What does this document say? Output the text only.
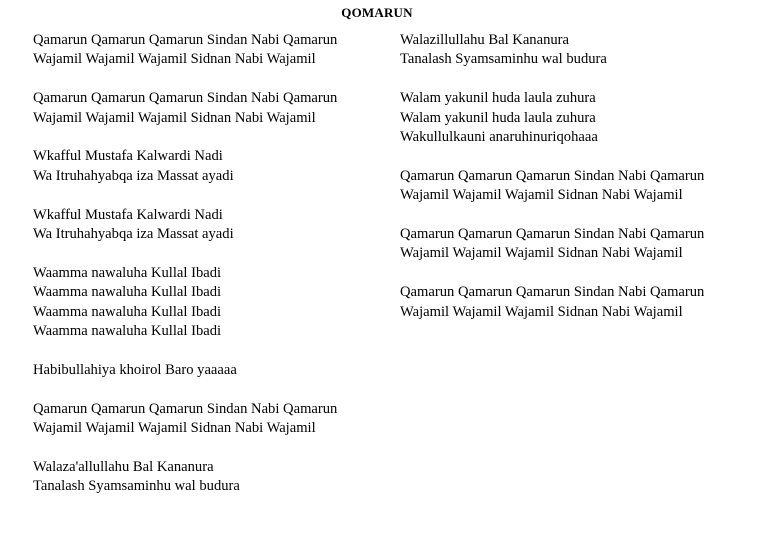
QOMARUN
Qamarun Qamarun Qamarun Sindan Nabi Qamarun
Wajamil Wajamil Wajamil Sidnan Nabi Wajamil
Qamarun Qamarun Qamarun Sindan Nabi Qamarun
Wajamil Wajamil Wajamil Sidnan Nabi Wajamil
Wkafful Mustafa Kalwardi Nadi
Wa Itruhahyabqa iza Massat ayadi
Wkafful Mustafa Kalwardi Nadi
Wa Itruhahyabqa iza Massat ayadi
Waamma nawaluha Kullal Ibadi
Waamma nawaluha Kullal Ibadi
Waamma nawaluha Kullal Ibadi
Waamma nawaluha Kullal Ibadi
Habibullahiya khoirol Baro yaaaaa
Qamarun Qamarun Qamarun Sindan Nabi Qamarun
Wajamil Wajamil Wajamil Sidnan Nabi Wajamil
Walaza'allullahu Bal Kananura
Tanalash Syamsaminhu wal budura
Walazillullahu Bal Kananura
Tanalash Syamsaminhu wal budura
Walam yakunil huda laula zuhura
Walam yakunil huda laula zuhura
Wakullulkauni anaruhinuriqohaaa
Qamarun Qamarun Qamarun Sindan Nabi Qamarun
Wajamil Wajamil Wajamil Sidnan Nabi Wajamil
Qamarun Qamarun Qamarun Sindan Nabi Qamarun
Wajamil Wajamil Wajamil Sidnan Nabi Wajamil
Qamarun Qamarun Qamarun Sindan Nabi Qamarun
Wajamil Wajamil Wajamil Sidnan Nabi Wajamil
